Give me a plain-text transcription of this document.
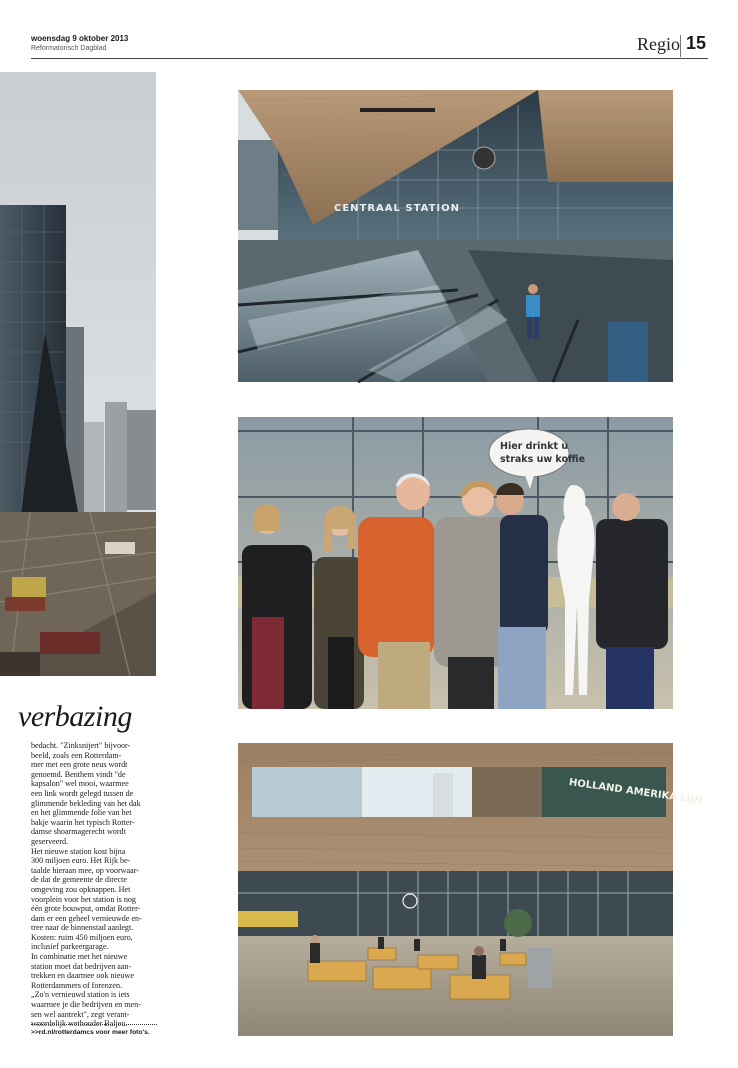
woensdag 9 oktober 2013
Reformatorisch Dagblad	Regio 15
CENTRAAL STATION
Hier drinkt u
straks uw koffie
HOLLAND AMERIKA LIJN
verbazing

bedacht. "Zinksnijert" bijvoor-

beeld, zoals een Rotterdam-

mer met een grote neus wordt

genoemd. Benthem vindt "de

kapsalon" wel mooi, waarmee

een link wordt gelegd tussen de

glimmende bekleding van het dak

en het glimmende folie van het

bakje waarin het typisch Rotter-

damse shoarmagerecht wordt

geserveerd.

Het nieuwe station kost bijna

300 miljoen euro. Het Rijk be-

taalde hieraan mee, op voorwaar-

de dat de gemeente de directe

omgeving zou opknappen. Het

voorplein voor het station is nog

één grote bouwput, omdat Rotter-

dam er een geheel vernieuwde en-

tree naar de binnenstad aanlegt.

Kosten: ruim 450 miljoen euro,

inclusief parkeergarage.

In combinatie met het nieuwe

station moet dat bedrijven aan-

trekken en daarmee ook nieuwe

Rotterdammers of forenzen.

„Zo'n vernieuwd station is iets

waarmee je die bedrijven en men-

sen wel aantrekt", zegt verant-

woordelijk wethouder Baljeu.

>>rd.nl/rotterdamcs voor meer foto's.
